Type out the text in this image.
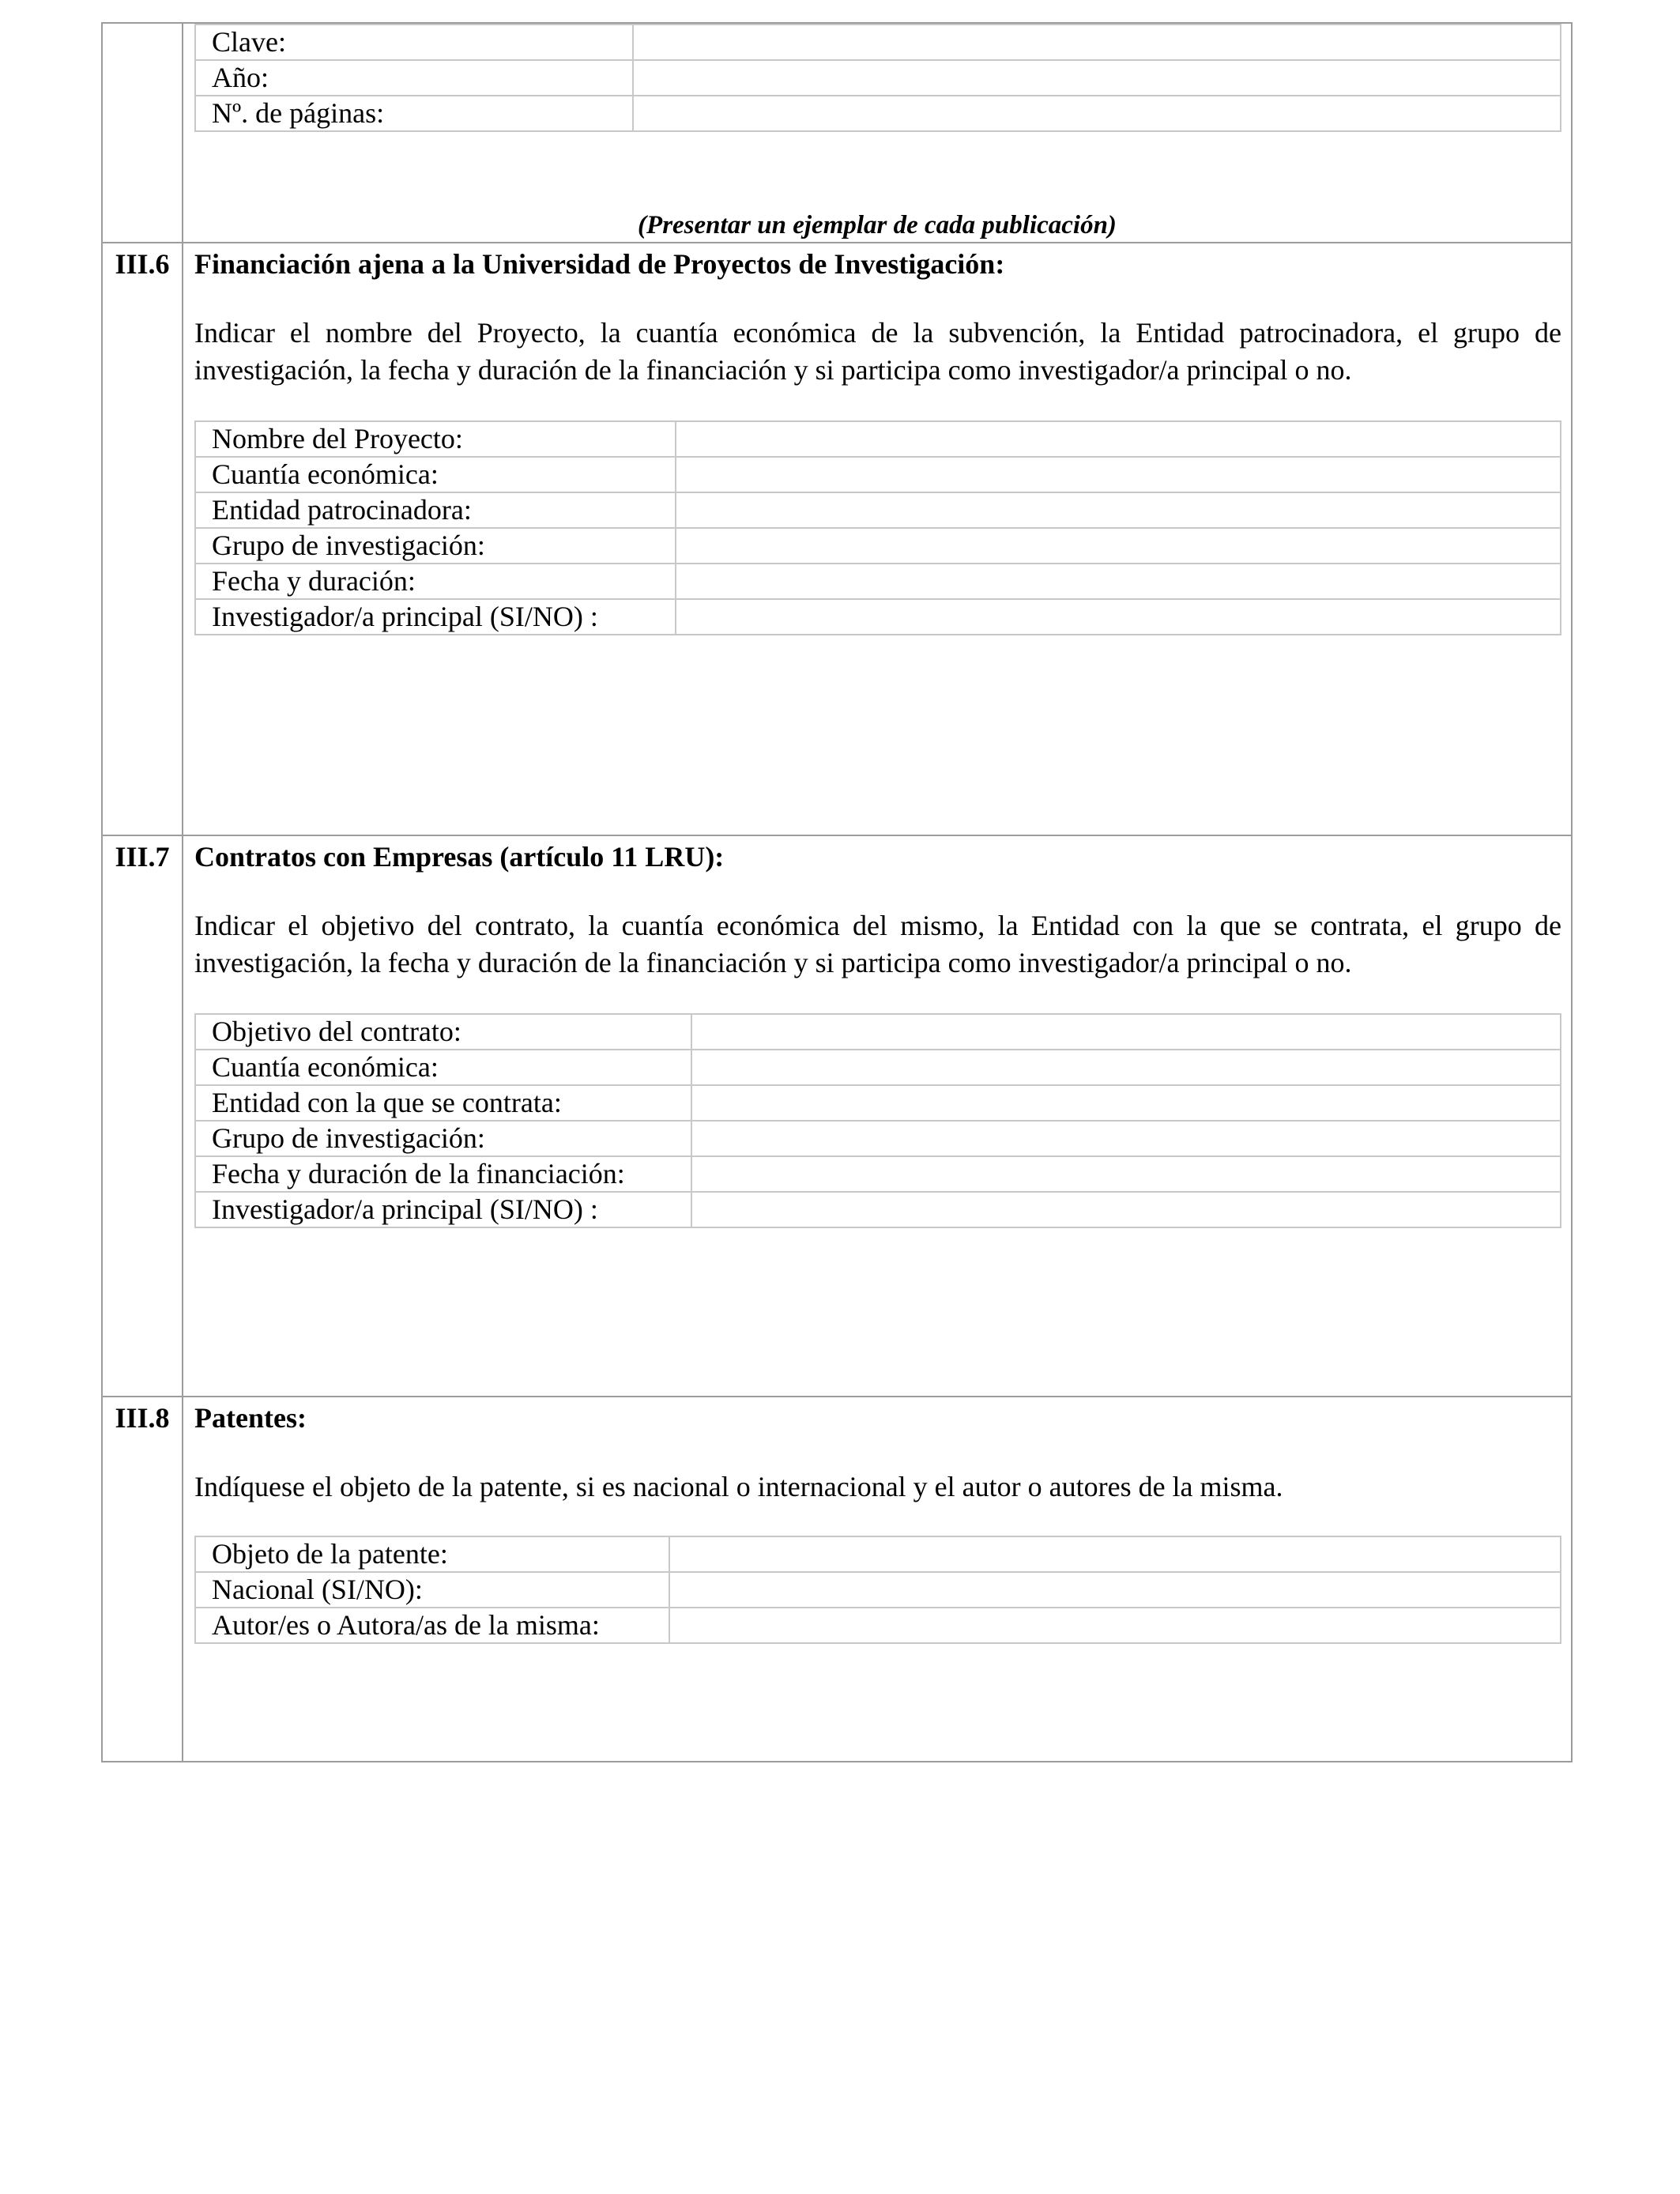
Clave:	
Año:	
Nº. de páginas:	
(Presentar un ejemplar de cada publicación)
III.6 Financiación ajena a la Universidad de Proyectos de Investigación:
Indicar el nombre del Proyecto, la cuantía económica de la subvención, la Entidad patrocinadora, el grupo de investigación, la fecha y duración de la financiación y si participa como investigador/a principal o no.
Nombre del Proyecto:	
Cuantía económica:	
Entidad patrocinadora:	
Grupo de investigación:	
Fecha y duración:	
Investigador/a principal (SI/NO) :	
III.7 Contratos con Empresas (artículo 11 LRU):
Indicar el objetivo del contrato, la cuantía económica del mismo, la Entidad con la que se contrata, el grupo de investigación, la fecha y duración de la financiación y si participa como investigador/a principal o no.
Objetivo del contrato:	
Cuantía económica:	
Entidad con la que se contrata:	
Grupo de investigación:	
Fecha y duración de la financiación:	
Investigador/a principal (SI/NO) :	
III.8 Patentes:
Indíquese el objeto de la patente, si es nacional o internacional y el autor o autores de la misma.
Objeto de la patente:	
Nacional (SI/NO):	
Autor/es o Autora/as de la misma:	
